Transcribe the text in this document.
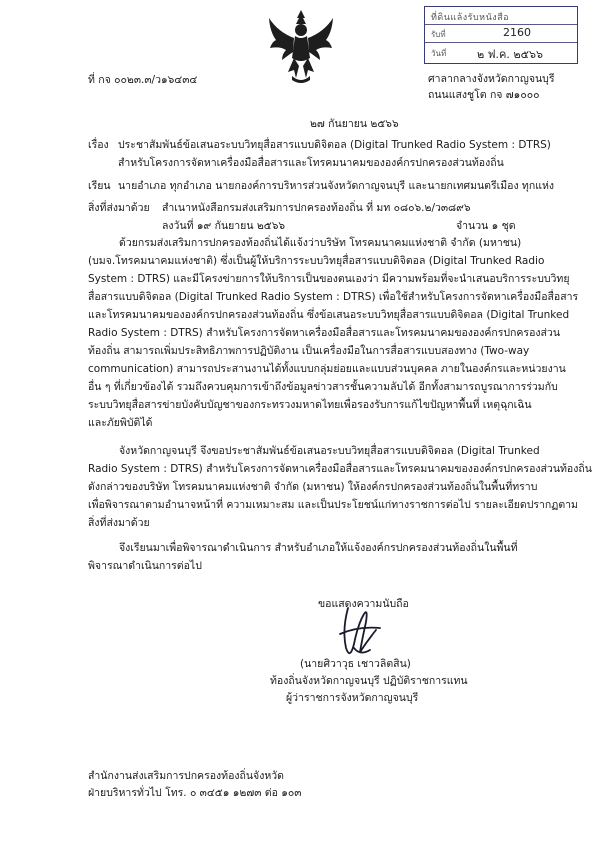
ที่ดินแล้งรับหนังสือ
รับที่	2160
วันที่	๒ ฟ.ค. ๒๕๖๖
ที่ กจ ๐๐๒๓.๓/ว๑๖๔๓๔	ศาลากลางจังหวัดกาญจนบุรี
ถนนแสงชูโต กจ ๗๑๐๐๐
๒๗ กันยายน ๒๕๖๖
เรื่อง ประชาสัมพันธ์ข้อเสนอระบบวิทยุสื่อสารแบบดิจิตอล (Digital Trunked Radio System : DTRS)
สำหรับโครงการจัดหาเครื่องมือสื่อสารและโทรคมนาคมขององค์กรปกครองส่วนท้องถิ่น
เรียน นายอำเภอ ทุกอำเภอ นายกองค์การบริหารส่วนจังหวัดกาญจนบุรี และนายกเทศมนตรีเมือง ทุกแห่ง
สิ่งที่ส่งมาด้วย สำเนาหนังสือกรมส่งเสริมการปกครองท้องถิ่น ที่ มท ๐๘๐๖.๒/ว๓๘๙๖
ลงวันที่ ๑๙ กันยายน ๒๕๖๖	จำนวน ๑ ชุด
ด้วยกรมส่งเสริมการปกครองท้องถิ่นได้แจ้งว่าบริษัท โทรคมนาคมแห่งชาติ จำกัด (มหาชน)
(บมจ.โทรคมนาคมแห่งชาติ) ซึ่งเป็นผู้ให้บริการระบบวิทยุสื่อสารแบบดิจิตอล (Digital Trunked Radio
System : DTRS) และมีโครงข่ายการให้บริการเป็นของตนเองว่า มีความพร้อมที่จะนำเสนอบริการระบบวิทยุ
สื่อสารแบบดิจิตอล (Digital Trunked Radio System : DTRS) เพื่อใช้สำหรับโครงการจัดหาเครื่องมือสื่อสาร
และโทรคมนาคมขององค์กรปกครองส่วนท้องถิ่น ซึ่งข้อเสนอระบบวิทยุสื่อสารแบบดิจิตอล (Digital Trunked
Radio System : DTRS) สำหรับโครงการจัดหาเครื่องมือสื่อสารและโทรคมนาคมขององค์กรปกครองส่วน
ท้องถิ่น สามารถเพิ่มประสิทธิภาพการปฏิบัติงาน เป็นเครื่องมือในการสื่อสารแบบสองทาง (Two-way
communication) สามารถประสานงานได้ทั้งแบบกลุ่มย่อยและแบบส่วนบุคคล ภายในองค์กรและหน่วยงาน
อื่น ๆ ที่เกี่ยวข้องได้ รวมถึงควบคุมการเข้าถึงข้อมูลข่าวสารชั้นความลับได้ อีกทั้งสามารถบูรณาการร่วมกับ
ระบบวิทยุสื่อสารข่ายบังคับบัญชาของกระทรวงมหาดไทยเพื่อรองรับการแก้ไขปัญหาพื้นที่ เหตุฉุกเฉิน
และภัยพิบัติได้
จังหวัดกาญจนบุรี จึงขอประชาสัมพันธ์ข้อเสนอระบบวิทยุสื่อสารแบบดิจิตอล (Digital Trunked
Radio System : DTRS) สำหรับโครงการจัดหาเครื่องมือสื่อสารและโทรคมนาคมขององค์กรปกครองส่วนท้องถิ่น
ดังกล่าวของบริษัท โทรคมนาคมแห่งชาติ จำกัด (มหาชน) ให้องค์กรปกครองส่วนท้องถิ่นในพื้นที่ทราบ
เพื่อพิจารณาตามอำนาจหน้าที่ ความเหมาะสม และเป็นประโยชน์แก่ทางราชการต่อไป รายละเอียดปรากฏตาม
สิ่งที่ส่งมาด้วย
จึงเรียนมาเพื่อพิจารณาดำเนินการ สำหรับอำเภอให้แจ้งองค์กรปกครองส่วนท้องถิ่นในพื้นที่
พิจารณาดำเนินการต่อไป
ขอแสดงความนับถือ
(นายศิวาวุธ เชาวลิตสิน)
ท้องถิ่นจังหวัดกาญจนบุรี ปฏิบัติราชการแทน
ผู้ว่าราชการจังหวัดกาญจนบุรี
สำนักงานส่งเสริมการปกครองท้องถิ่นจังหวัด
ฝ่ายบริหารทั่วไป โทร. ๐ ๓๔๕๑ ๑๒๗๓ ต่อ ๑๐๓
